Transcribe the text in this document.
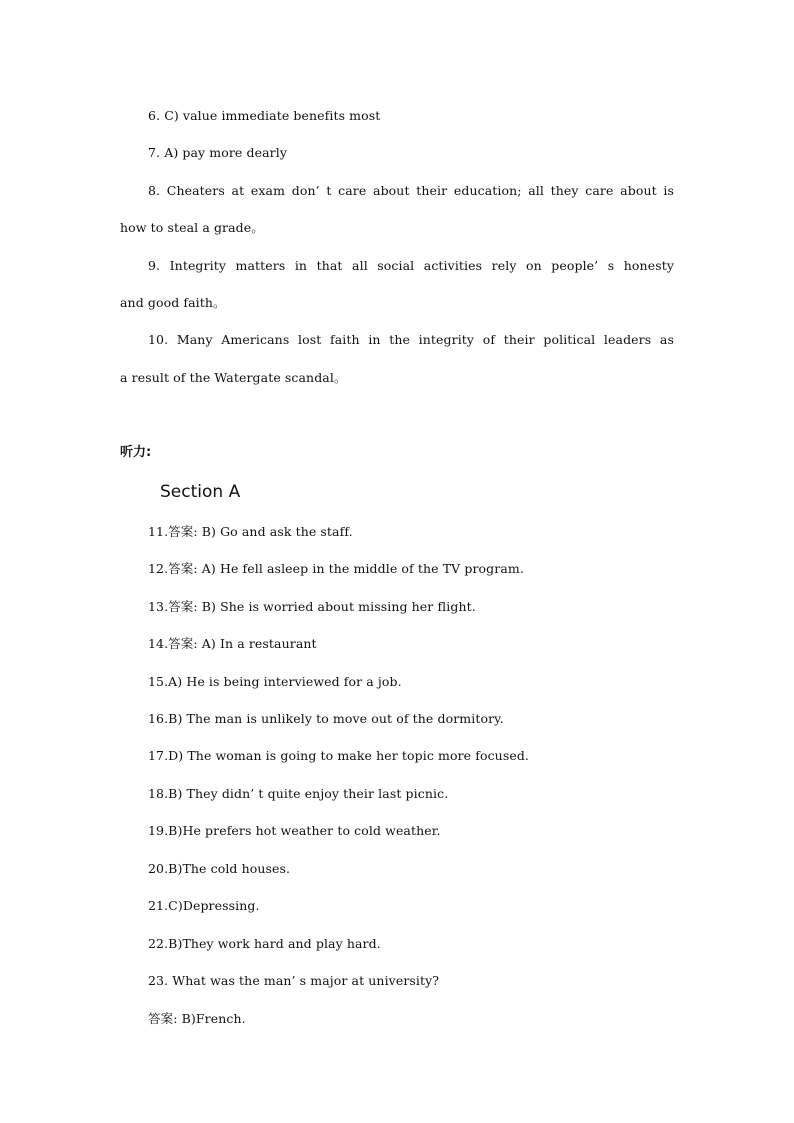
6. C) value immediate benefits most
7. A) pay more dearly
8. Cheaters at exam don’ t care about their education; all they care about is
how to steal a grade。
9. Integrity matters in that all social activities rely on people’ s honesty
and good faith。
10. Many Americans lost faith in the integrity of their political leaders as
a result of the Watergate scandal。
听力:
Section A
11.答案: B) Go and ask the staff.
12.答案: A) He fell asleep in the middle of the TV program.
13.答案: B) She is worried about missing her flight.
14.答案: A) In a restaurant
15.A) He is being interviewed for a job.
16.B) The man is unlikely to move out of the dormitory.
17.D) The woman is going to make her topic more focused.
18.B) They didn’ t quite enjoy their last picnic.
19.B)He prefers hot weather to cold weather.
20.B)The cold houses.
21.C)Depressing.
22.B)They work hard and play hard.
23. What was the man’ s major at university?
答案: B)French.
